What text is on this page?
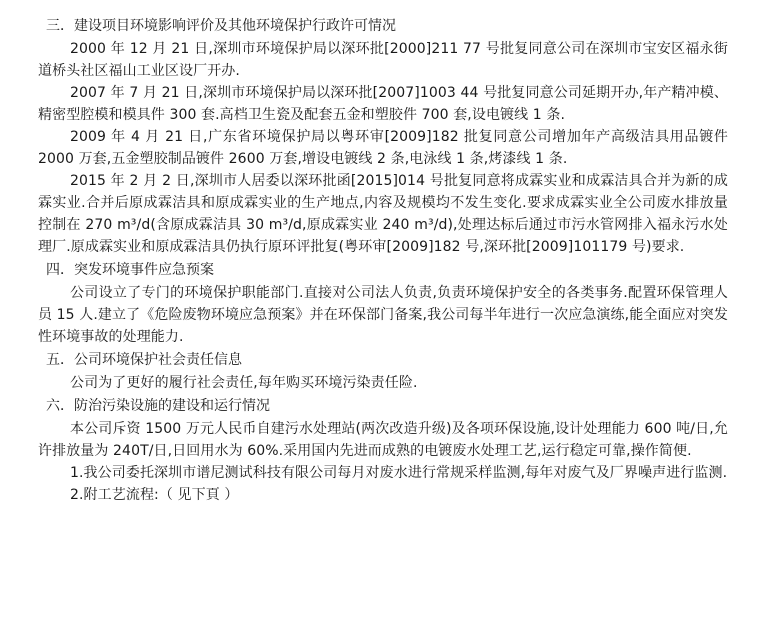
三．建设项目环境影响评价及其他环境保护行政许可情况

2000 年 12 月 21 日,深圳市环境保护局以深环批[2000]211 77 号批复同意公司在深圳市宝安区福永街道桥头社区福山工业区设厂开办.

2007 年 7 月 21 日,深圳市环境保护局以深环批[2007]1003 44 号批复同意公司延期开办,年产精冲模、精密型腔模和模具件 300 套.高档卫生瓷及配套五金和塑胶件 700 套,设电镀线 1 条.

2009 年 4 月 21 日,广东省环境保护局以粤环审[2009]182 批复同意公司增加年产高级洁具用品镀件 2000 万套,五金塑胶制品镀件 2600 万套,增设电镀线 2 条,电泳线 1 条,烤漆线 1 条.

2015 年 2 月 2 日,深圳市人居委以深环批函[2015]014 号批复同意将成霖实业和成霖洁具合并为新的成霖实业.合并后原成霖洁具和原成霖实业的生产地点,内容及规模均不发生变化.要求成霖实业全公司废水排放量控制在 270 m³/d(含原成霖洁具 30 m³/d,原成霖实业 240 m³/d),处理达标后通过市污水管网排入福永污水处理厂.原成霖实业和原成霖洁具仍执行原环评批复(粤环审[2009]182 号,深环批[2009]101179 号)要求.

四．突发环境事件应急预案

公司设立了专门的环境保护职能部门.直接对公司法人负责,负责环境保护安全的各类事务.配置环保管理人员 15 人.建立了《危险废物环境应急预案》并在环保部门备案,我公司每半年进行一次应急演练,能全面应对突发性环境事故的处理能力.

五．公司环境保护社会责任信息

公司为了更好的履行社会责任,每年购买环境污染责任险.

六．防治污染设施的建设和运行情况

本公司斥资 1500 万元人民币自建污水处理站(两次改造升级)及各项环保设施,设计处理能力 600 吨/日,允许排放量为 240T/日,日回用水为 60%.采用国内先进而成熟的电镀废水处理工艺,运行稳定可靠,操作简便.

1.我公司委托深圳市谱尼测试科技有限公司每月对废水进行常规采样监测,每年对废气及厂界噪声进行监测.

2.附工艺流程:（ 见下頁 ）
